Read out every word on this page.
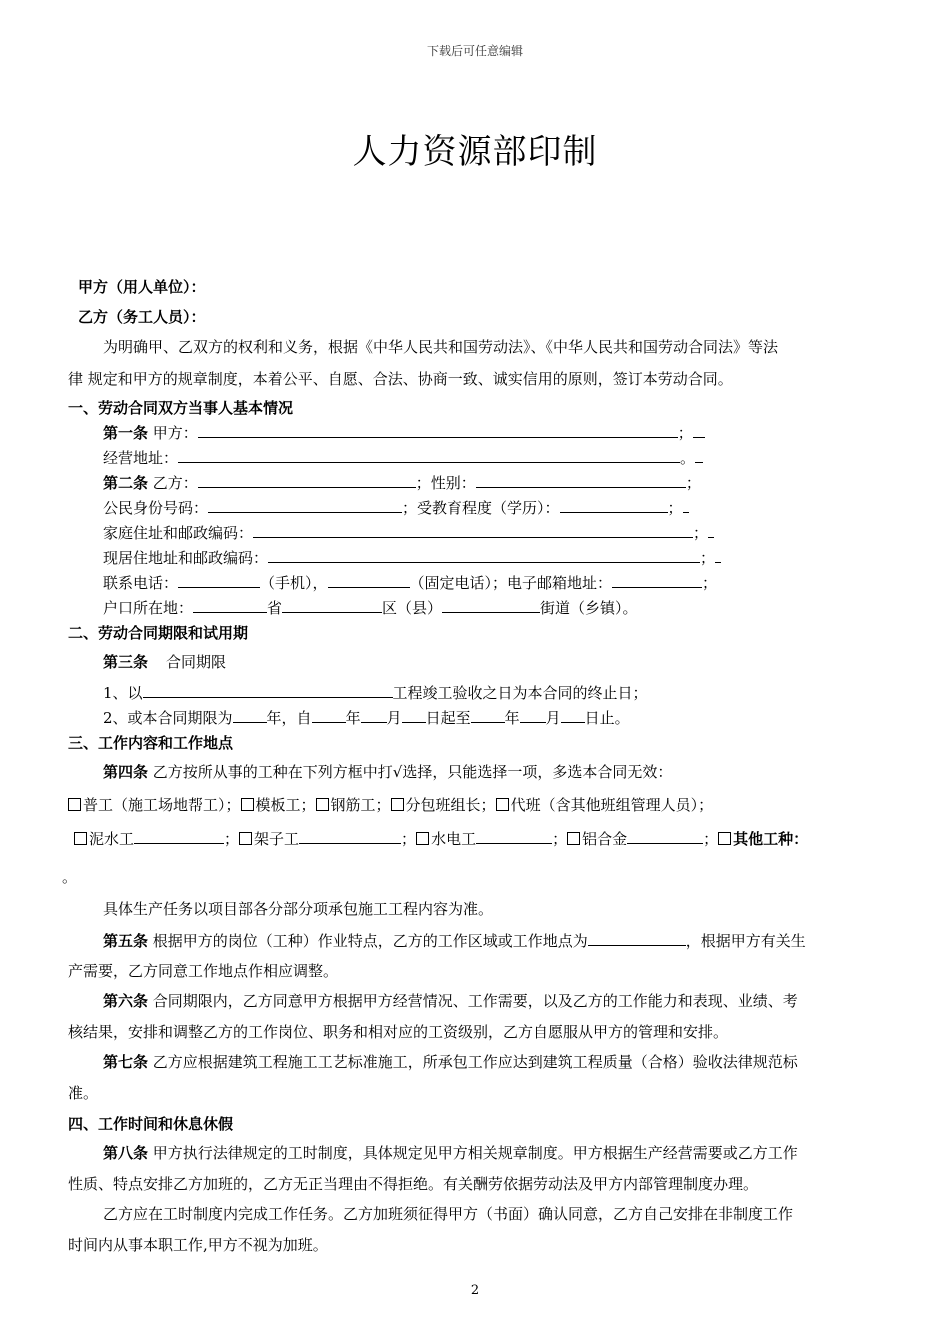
下载后可任意编辑
人力资源部印制
甲方（用人单位）：
乙方（务工人员）：
为明确甲、乙双方的权利和义务，根据《中华人民共和国劳动法》、《中华人民共和国劳动合同法》等法
律 规定和甲方的规章制度，本着公平、自愿、合法、协商一致、诚实信用的原则，签订本劳动合同。
一、劳动合同双方当事人基本情况
第一条 甲方：	；
经营地址：	。
第二条 乙方：	；性别：	；
公民身份号码：	；受教育程度（学历）：	；
家庭住址和邮政编码：	；
现居住地址和邮政编码：	；
联系电话：	（手机），	（固定电话）；电子邮箱地址：	；
户口所在地：	省	区（县）	街道（乡镇）。
二、劳动合同期限和试用期
第三条 合同期限
1、以	工程竣工验收之日为本合同的终止日；
2、或本合同期限为 年，自 年 月 日起至 年 月 日止。
三、工作内容和工作地点
第四条 乙方按所从事的工种在下列方框中打√选择，只能选择一项，多选本合同无效：
普工（施工场地帮工）； 模板工； 钢筋工； 分包班组长； 代班（含其他班组管理人员）；
泥水工	； 架子工	； 水电工	； 铝合金	； 其他工种：
。
具体生产任务以项目部各分部分项承包施工工程内容为准。
第五条 根据甲方的岗位（工种）作业特点，乙方的工作区域或工作地点为	，根据甲方有关生
产需要，乙方同意工作地点作相应调整。
第六条 合同期限内，乙方同意甲方根据甲方经营情况、工作需要，以及乙方的工作能力和表现、业绩、考
核结果，安排和调整乙方的工作岗位、职务和相对应的工资级别，乙方自愿服从甲方的管理和安排。
第七条 乙方应根据建筑工程施工工艺标准施工，所承包工作应达到建筑工程质量（合格）验收法律规范标
准。
四、工作时间和休息休假
第八条 甲方执行法律规定的工时制度，具体规定见甲方相关规章制度。甲方根据生产经营需要或乙方工作
性质、特点安排乙方加班的，乙方无正当理由不得拒绝。有关酬劳依据劳动法及甲方内部管理制度办理。
乙方应在工时制度内完成工作任务。乙方加班须征得甲方（书面）确认同意，乙方自己安排在非制度工作
时间内从事本职工作,甲方不视为加班。
2
